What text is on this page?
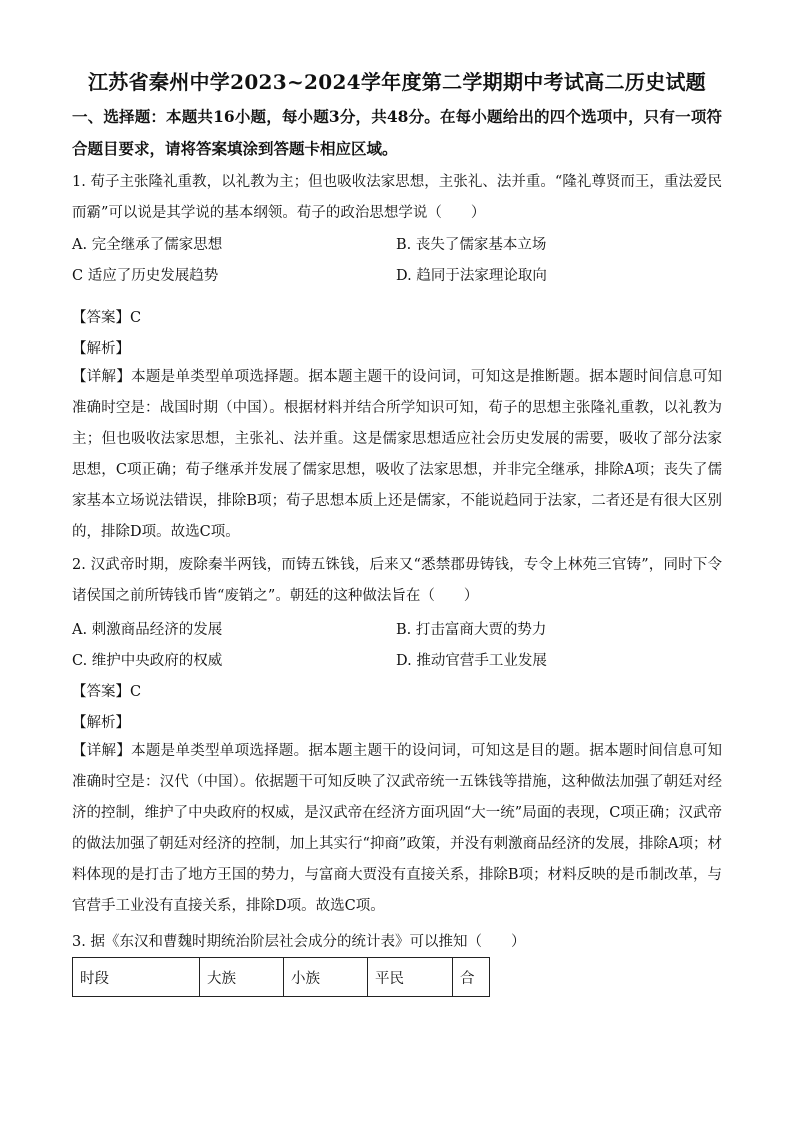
江苏省秦州中学2023~2024学年度第二学期期中考试高二历史试题
一、选择题：本题共16小题，每小题3分，共48分。在每小题给出的四个选项中，只有一项符合题目要求，请将答案填涂到答题卡相应区域。
1. 荀子主张隆礼重教，以礼教为主；但也吸收法家思想，主张礼、法并重。“隆礼尊贤而王，重法爱民而霸”可以说是其学说的基本纲领。荀子的政治思想学说（　　）
A. 完全继承了儒家思想	B. 丧失了儒家基本立场
C 适应了历史发展趋势	D. 趋同于法家理论取向
【答案】C
【解析】
【详解】本题是单类型单项选择题。据本题主题干的设问词，可知这是推断题。据本题时间信息可知准确时空是：战国时期（中国）。根据材料并结合所学知识可知，荀子的思想主张隆礼重教，以礼教为主；但也吸收法家思想，主张礼、法并重。这是儒家思想适应社会历史发展的需要，吸收了部分法家思想，C项正确；荀子继承并发展了儒家思想，吸收了法家思想，并非完全继承，排除A项；丧失了儒家基本立场说法错误，排除B项；荀子思想本质上还是儒家，不能说趋同于法家，二者还是有很大区别的，排除D项。故选C项。
2. 汉武帝时期，废除秦半两钱，而铸五铢钱，后来又“悉禁郡毋铸钱，专令上林苑三官铸”，同时下令诸侯国之前所铸钱币皆“废销之”。朝廷的这种做法旨在（　　）
A. 刺激商品经济的发展	B. 打击富商大贾的势力
C. 维护中央政府的权威	D. 推动官营手工业发展
【答案】C
【解析】
【详解】本题是单类型单项选择题。据本题主题干的设问词，可知这是目的题。据本题时间信息可知准确时空是：汉代（中国）。依据题干可知反映了汉武帝统一五铢钱等措施，这种做法加强了朝廷对经济的控制，维护了中央政府的权威，是汉武帝在经济方面巩固“大一统”局面的表现，C项正确；汉武帝的做法加强了朝廷对经济的控制，加上其实行“抑商”政策，并没有刺激商品经济的发展，排除A项；材料体现的是打击了地方王国的势力，与富商大贾没有直接关系，排除B项；材料反映的是币制改革，与官营手工业没有直接关系，排除D项。故选C项。
3. 据《东汉和曹魏时期统治阶层社会成分的统计表》可以推知（　　）
时段	大族	小族	平民	合
